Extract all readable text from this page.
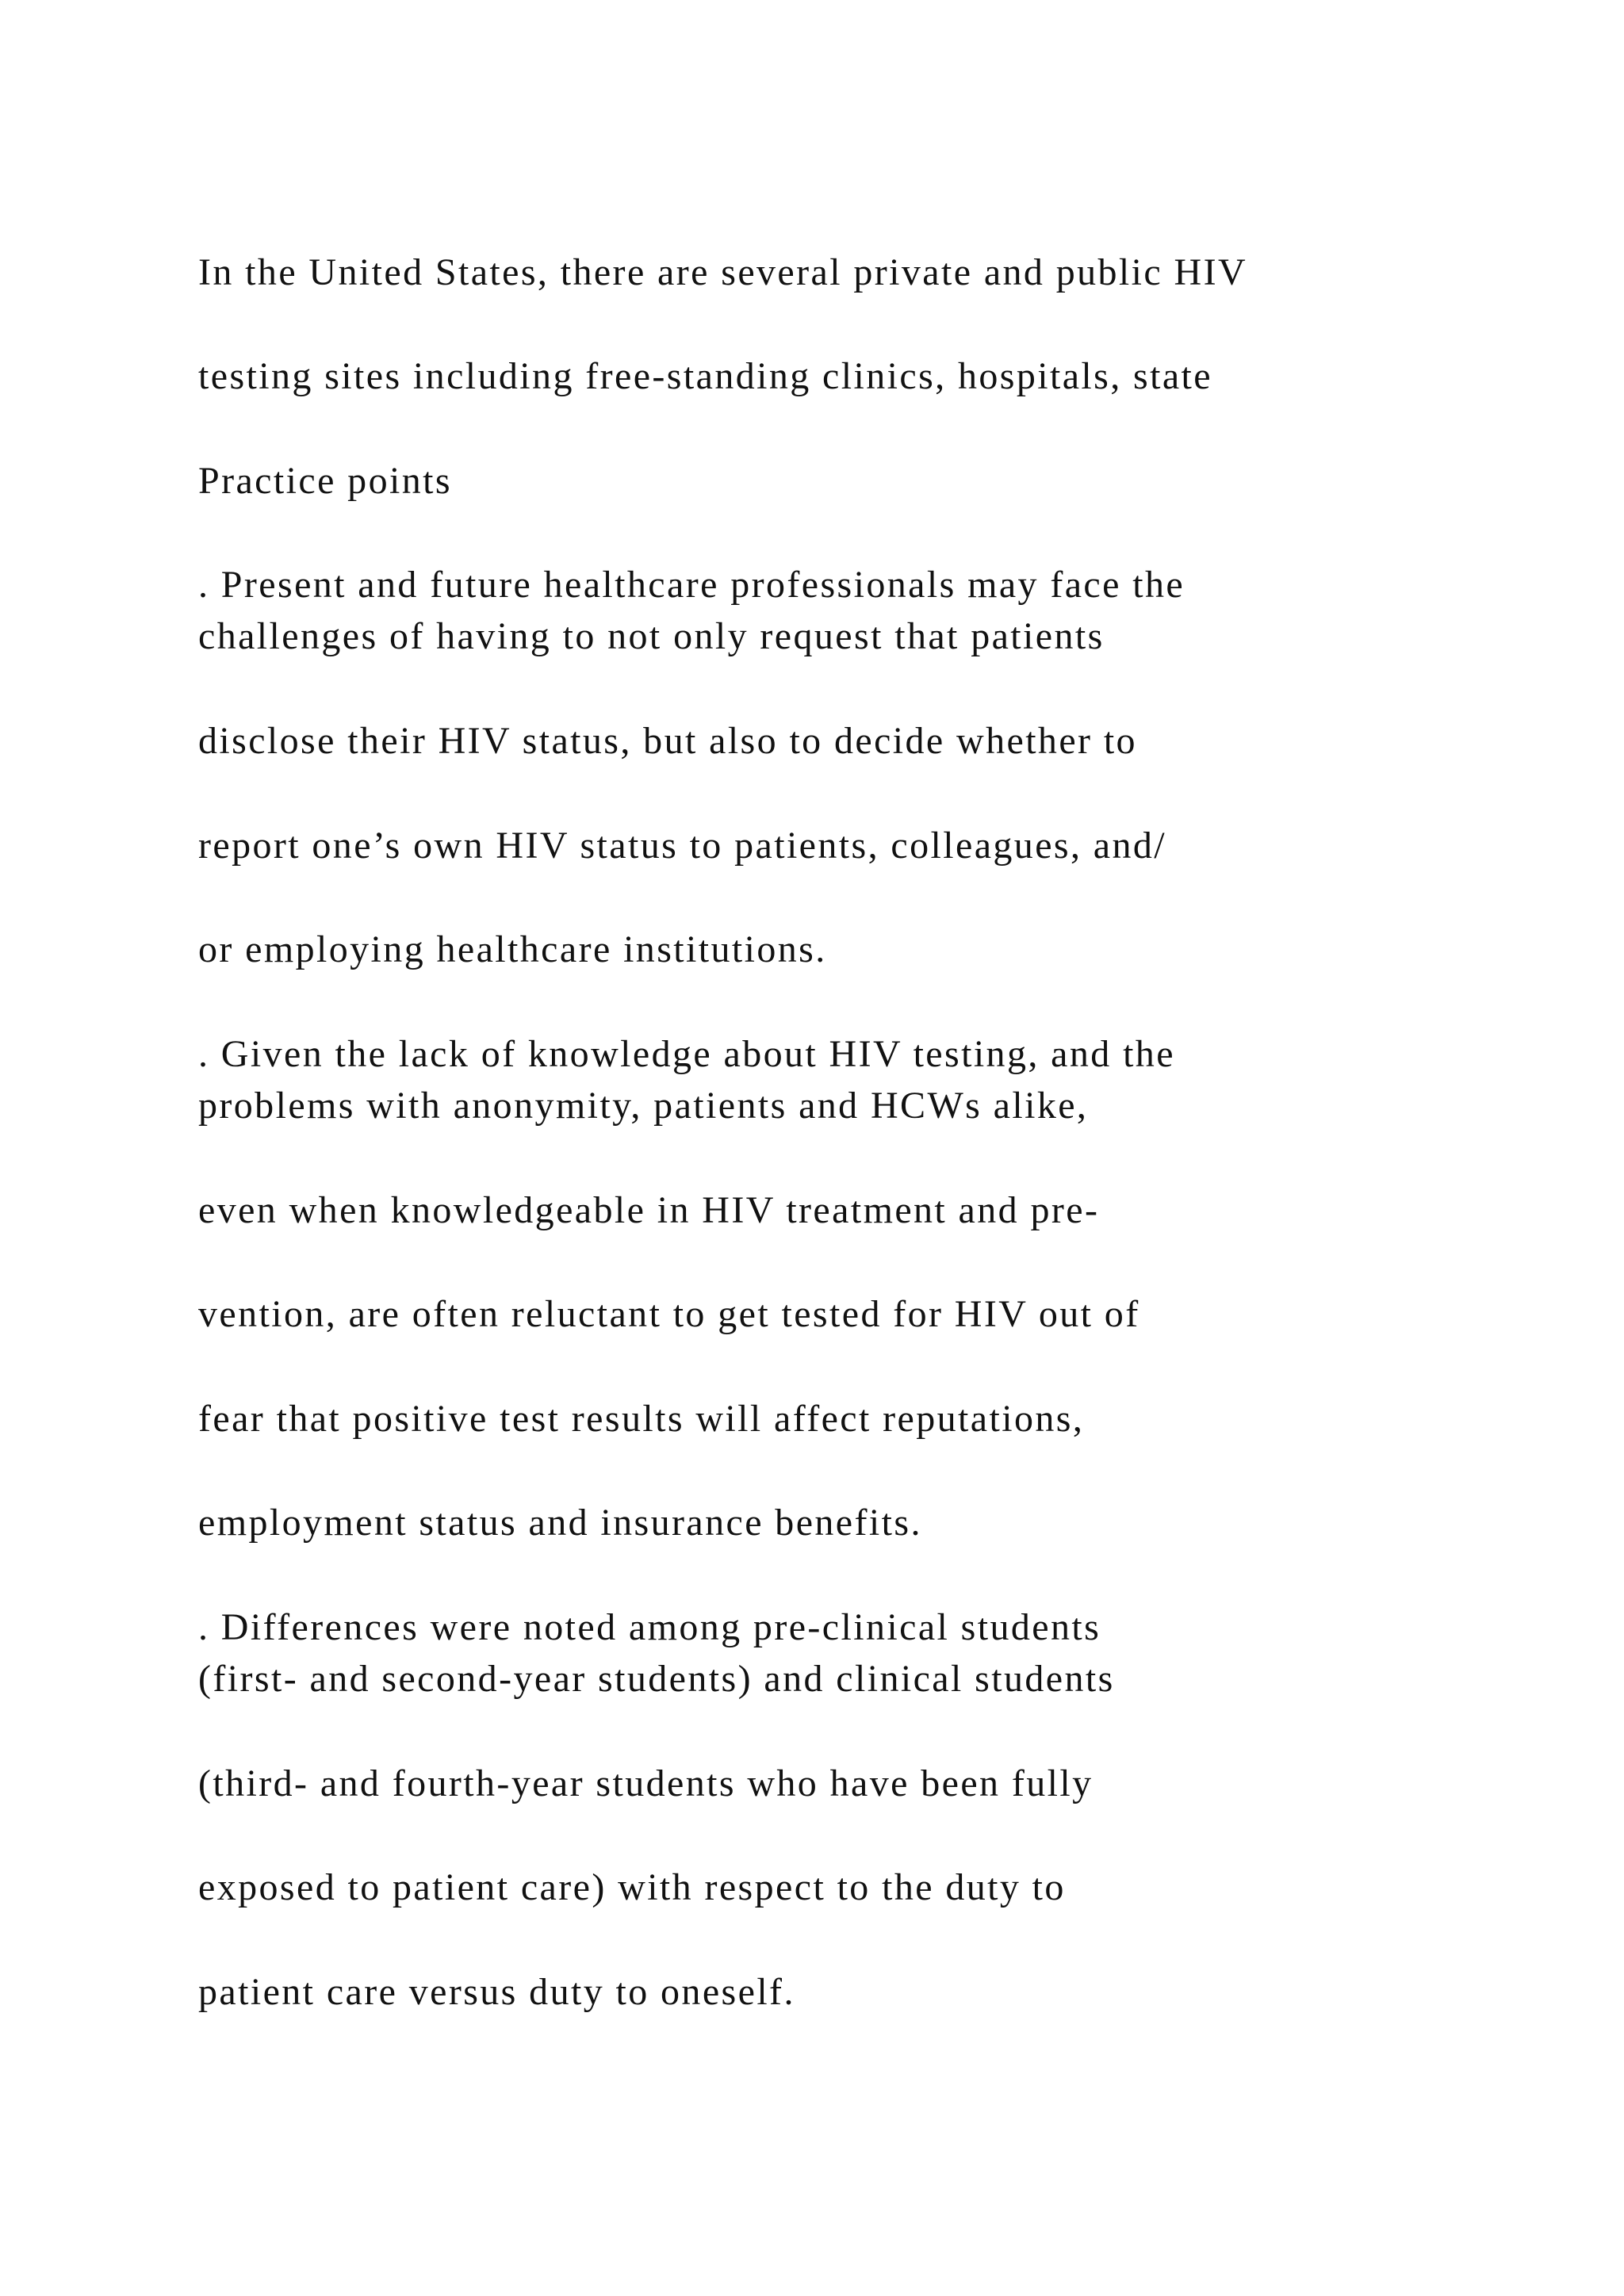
In the United States, there are several private and public HIV

testing sites including free-standing clinics, hospitals, state

Practice points

. Present and future healthcare professionals may face the

challenges of having to not only request that patients

disclose their HIV status, but also to decide whether to

report one’s own HIV status to patients, colleagues, and/

or employing healthcare institutions.

. Given the lack of knowledge about HIV testing, and the

problems with anonymity, patients and HCWs alike,

even when knowledgeable in HIV treatment and pre-

vention, are often reluctant to get tested for HIV out of

fear that positive test results will affect reputations,

employment status and insurance benefits.

. Differences were noted among pre-clinical students

(first- and second-year students) and clinical students

(third- and fourth-year students who have been fully

exposed to patient care) with respect to the duty to

patient care versus duty to oneself.
